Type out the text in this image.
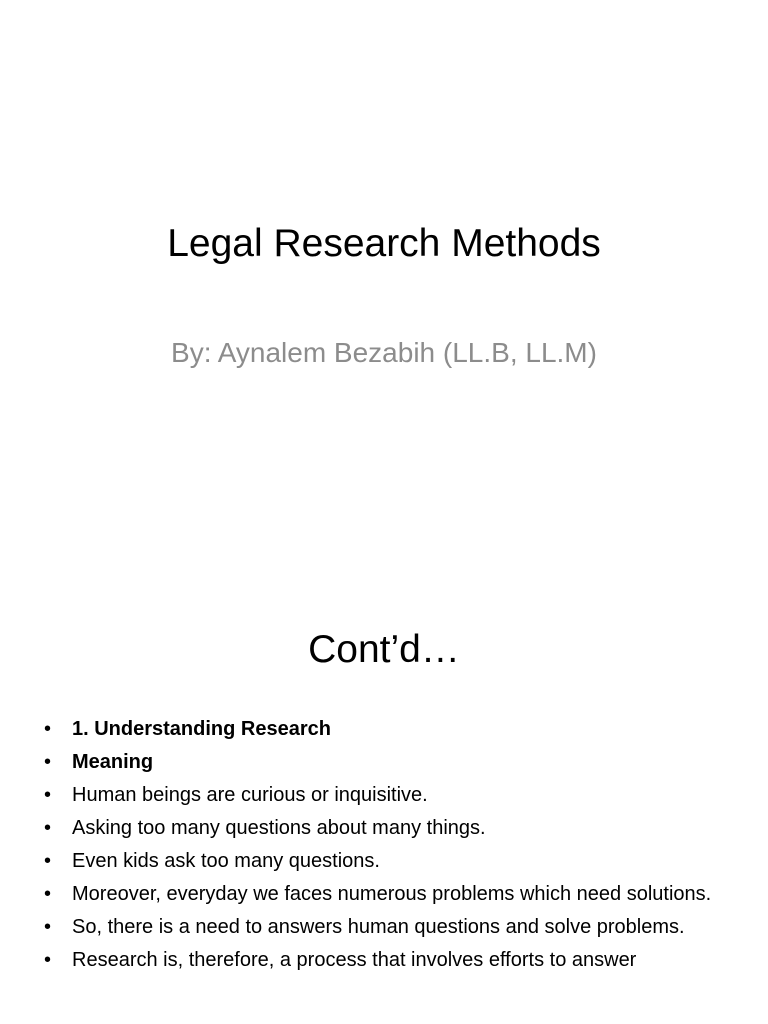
Legal Research Methods
By: Aynalem Bezabih (LL.B, LL.M)
Cont’d…
•	1. Understanding Research
•	Meaning
•	Human beings are curious or inquisitive.
•	Asking too many questions about many things.
•	Even kids ask too many questions.
•	Moreover, everyday we faces numerous problems which need solutions.
•	So, there is a need to answers human questions and solve problems.
•	Research is, therefore, a process that involves efforts to answer
